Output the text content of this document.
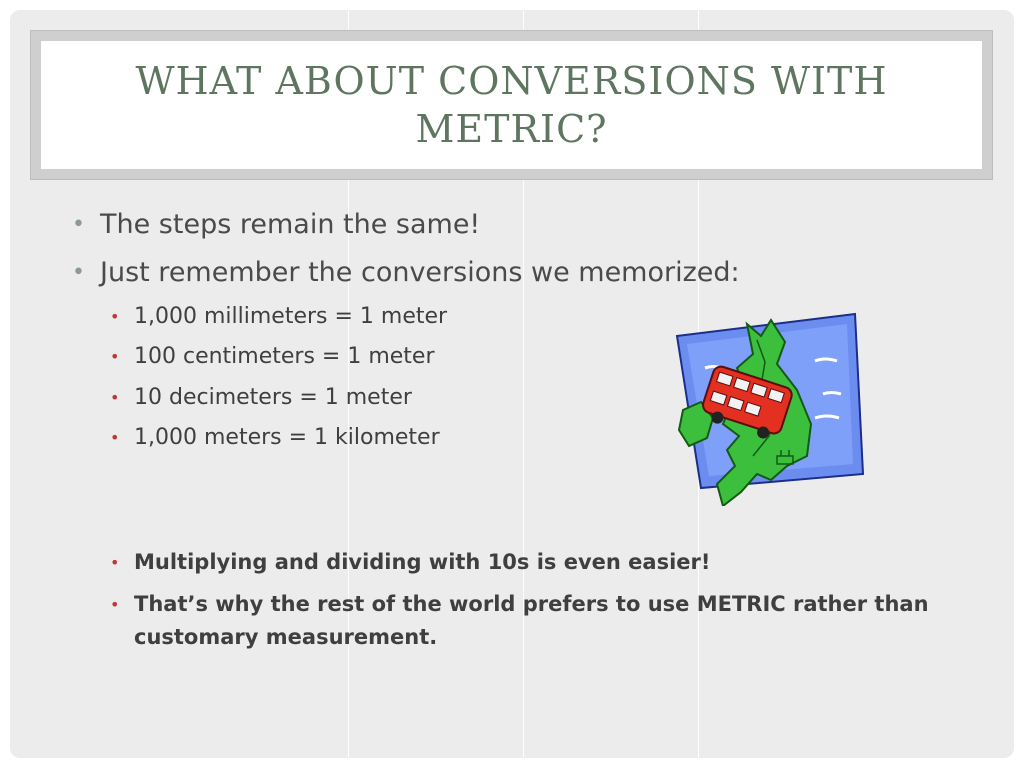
WHAT ABOUT CONVERSIONS WITH METRIC?
• The steps remain the same!
• Just remember the conversions we memorized:
• 1,000 millimeters = 1 meter
• 100 centimeters = 1 meter
• 10 decimeters = 1 meter
• 1,000 meters = 1 kilometer
• Multiplying and dividing with 10s is even easier!
• That’s why the rest of the world prefers to use METRIC rather than customary measurement.
